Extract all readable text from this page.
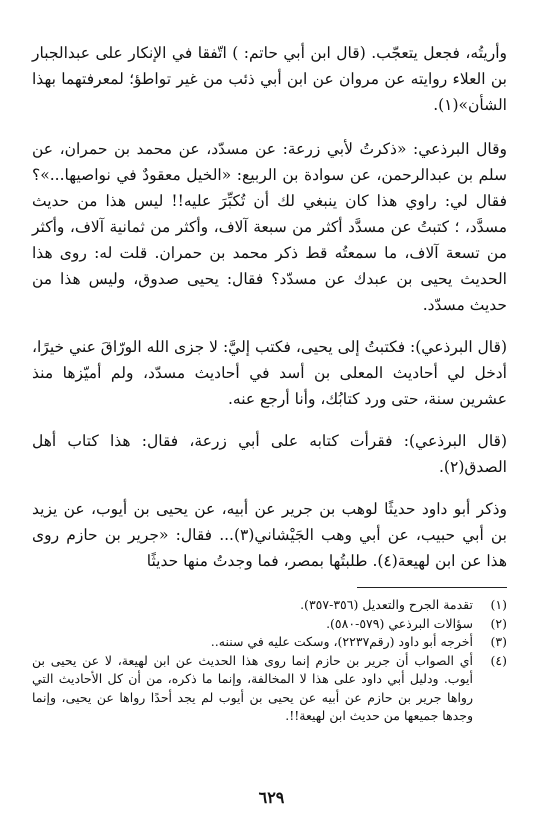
وأريتُه، فجعل يتعجّب. (قال ابن أبي حاتم: ) اتّفقا في الإنكار على عبدالجبار بن العلاء روايته عن مروان عن ابن أبي ذئب من غير تواطؤ؛ لمعرفتهما بهذا الشأن»(١).

وقال البرذعي: «ذكرتُ لأبي زرعة: عن مسدّد، عن محمد بن حمران، عن سلم بن عبدالرحمن، عن سوادة بن الربيع: «الخيل معقودٌ في نواصيها...»؟ فقال لي: راوي هذا كان ينبغي لك أن تُكبِّرَ عليه!! ليس هذا من حديث مسدَّد، ؛ كتبتُ عن مسدَّد أكثر من سبعة آلاف، وأكثر من ثمانية آلاف، وأكثر من تسعة آلاف، ما سمعتُه قط ذكر محمد بن حمران. قلت له: روى هذا الحديث يحيى بن عبدك عن مسدّد؟ فقال: يحيى صدوق، وليس هذا من حديث مسدّد.

(قال البرذعي): فكتبتُ إلى يحيى، فكتب إليَّ: لا جزى الله الورّاقَ عني خيرًا، أدخل لي أحاديث المعلى بن أسد في أحاديث مسدّد، ولم أميّزها منذ عشرين سنة، حتى ورد كتابُك، وأنا أرجع عنه.

(قال البرذعي): فقرأت كتابه على أبي زرعة، فقال: هذا كتاب أهل الصدق(٢).

وذكر أبو داود حديثًا لوهب بن جرير عن أبيه، عن يحيى بن أيوب، عن يزيد بن أبي حبيب، عن أبي وهب الجَيْشاني(٣)... فقال: «جرير بن حازم روى هذا عن ابن لهيعة(٤). طلبتُها بمصر، فما وجدتُ منها حديثًا

(١)
تقدمة الجرح والتعديل (٣٥٦-٣٥٧).
(٢)
سؤالات البرذعي (٥٧٩-٥٨٠).
(٣)
أخرجه أبو داود (رقم٢٢٣٧)، وسكت عليه في سننه..
(٤)
أي الصواب أن جرير بن حازم إنما روى هذا الحديث عن ابن لهيعة، لا عن يحيى بن أيوب. ودليل أبي داود على هذا لا المخالفة، وإنما ما ذكره، من أن كل الأحاديث التي رواها جرير بن حازم عن أبيه عن يحيى بن أيوب لم يجد أحدًا رواها عن يحيى، وإنما وجدها جميعها من حديث ابن لهيعة!!.
٦٢٩
